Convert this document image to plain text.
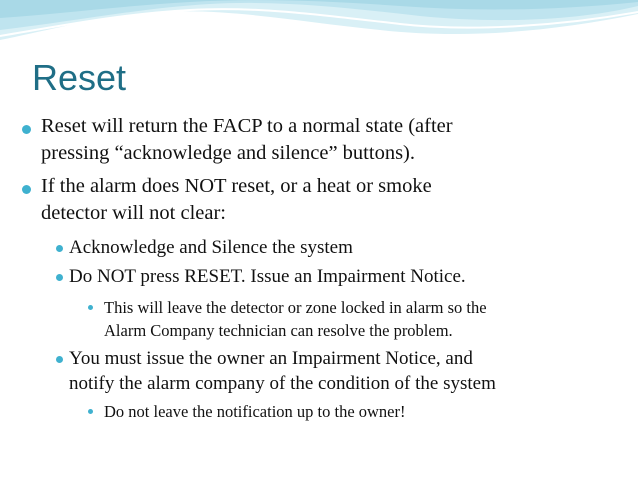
Reset
Reset will return the FACP to a normal state (after
pressing “acknowledge and silence” buttons).
If the alarm does NOT reset, or a heat or smoke
detector will not clear:
Acknowledge and Silence the system
Do NOT press RESET. Issue an Impairment Notice.
This will leave the detector or zone locked in alarm so the
Alarm Company technician can resolve the problem.
You must issue the owner an Impairment Notice, and
notify the alarm company of the condition of the system
Do not leave the notification up to the owner!
